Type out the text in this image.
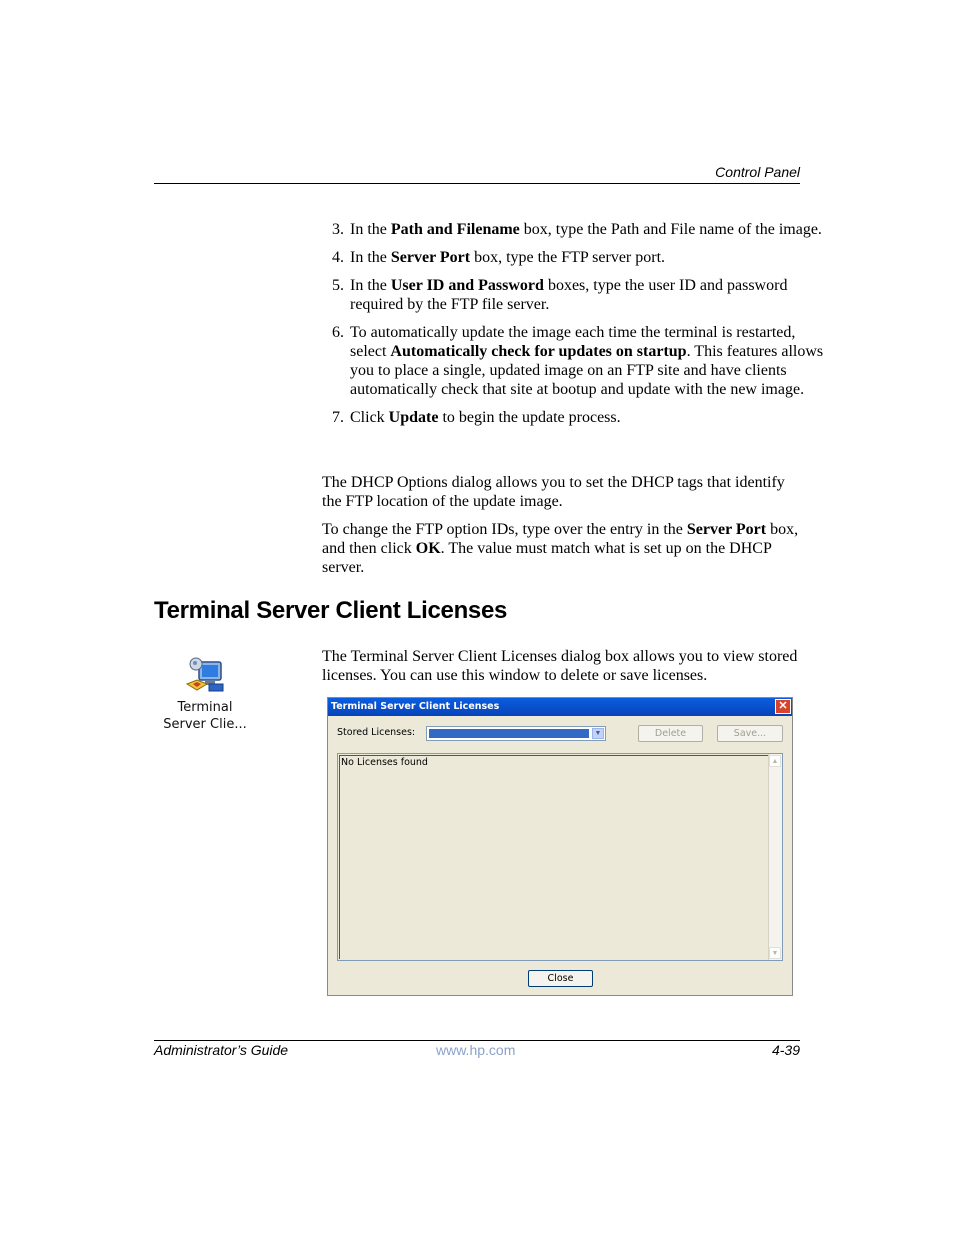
Control Panel
3. In the Path and Filename box, type the Path and File name of the image.
4. In the Server Port box, type the FTP server port.
5. In the User ID and Password boxes, type the user ID and password required by the FTP file server.
6. To automatically update the image each time the terminal is restarted, select Automatically check for updates on startup. This features allows you to place a single, updated image on an FTP site and have clients automatically check that site at bootup and update with the new image.
7. Click Update to begin the update process.

The DHCP Options dialog allows you to set the DHCP tags that identify the FTP location of the update image.

To change the FTP option IDs, type over the entry in the Server Port box, and then click OK. The value must match what is set up on the DHCP server.

Terminal Server Client Licenses
Terminal
Server Clie...

The Terminal Server Client Licenses dialog box allows you to view stored licenses. You can use this window to delete or save licenses.

Terminal Server Client Licenses	✕
Stored Licenses:	▼	Delete	Save...
No Licenses found	▲
▼
Close
Administrator’s Guide	www.hp.com	4-39
